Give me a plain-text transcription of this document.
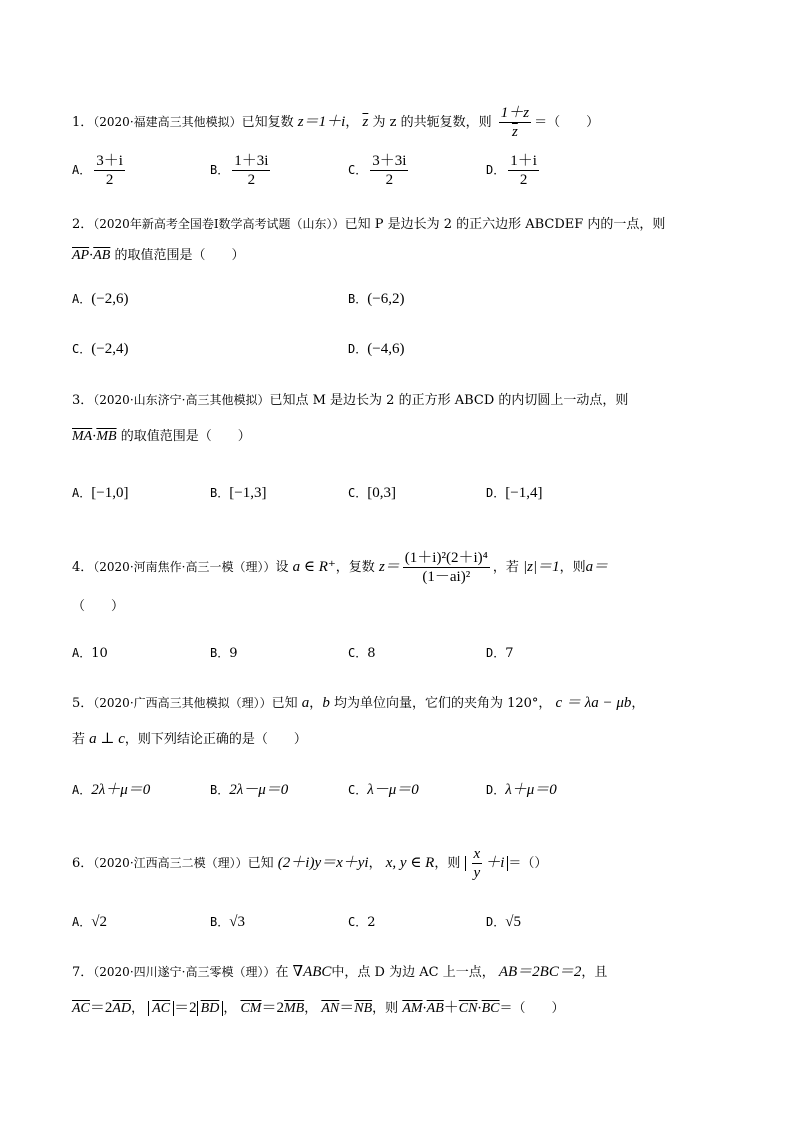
1．（2020·福建高三其他模拟）已知复数 z＝1＋i， $\overline{z}$ 为 z 的共轭复数，则 $\frac{1+z}{z}$ ＝（　　）
A． $\frac{3+i}{2}$	B． $\frac{1+3i}{2}$	C． $\frac{3+3i}{2}$	D． $\frac{1+i}{2}$
2．（2020年新高考全国卷Ⅰ数学高考试题（山东））已知 P 是边长为 2 的正六边形 ABCDEF 内的一点，则
$\overline{AP}\cdot\overline{AB}$ 的取值范围是（　　）
A．(−2,6)	B．(−6,2)
C．(−2,4)	D．(−4,6)
3．（2020·山东济宁·高三其他模拟）已知点 M 是边长为 2 的正方形 ABCD 的内切圆上一动点，则
$\overline{MA}\cdot\overline{MB}$ 的取值范围是（　　）
A．[−1,0]	B．[−1,3]	C．[0,3]	D．[−1,4]
4．（2020·河南焦作·高三一模（理））设 a ∈ R⁺，复数 $z= \frac{\text{(1＋i)²(2＋i)⁴}}{\text{(1－ai)²}}$ ，若 |z|＝1，则a＝
（　　）
A．10	B．9	C．8	D．7
5．（2020·广西高三其他模拟（理））已知 a，b 均为单位向量，它们的夹角为 120°， c ＝ λa − μb，
若 a ⊥ c，则下列结论正确的是（　　）
A．2λ＋μ＝0	B．2λ－μ＝0	C．λ－μ＝0	D．λ＋μ＝0
6．（2020·江西高三二模（理））已知 (2＋i)y＝x＋yi， x, y ∈ R，则 $\frac{x}{y} +i$ ＝（）
A．√2	B．√3	C．2	D．√5
7．（2020·四川遂宁·高三零模（理））在 ∇ABC中，点 D 为边 AC 上一点， AB＝2BC＝2，且
$\overline{AC}=2\overline{AD}$， $\overline{AC} =2$ $\overline{BD}$ ， $\overline{CM}=2\overline{MB}$， $\overline{AN}=\overline{NB}$，则 $\overline{AM}\cdot\overline{AB}+\overline{CN}\cdot\overline{BC}=$（　　）
